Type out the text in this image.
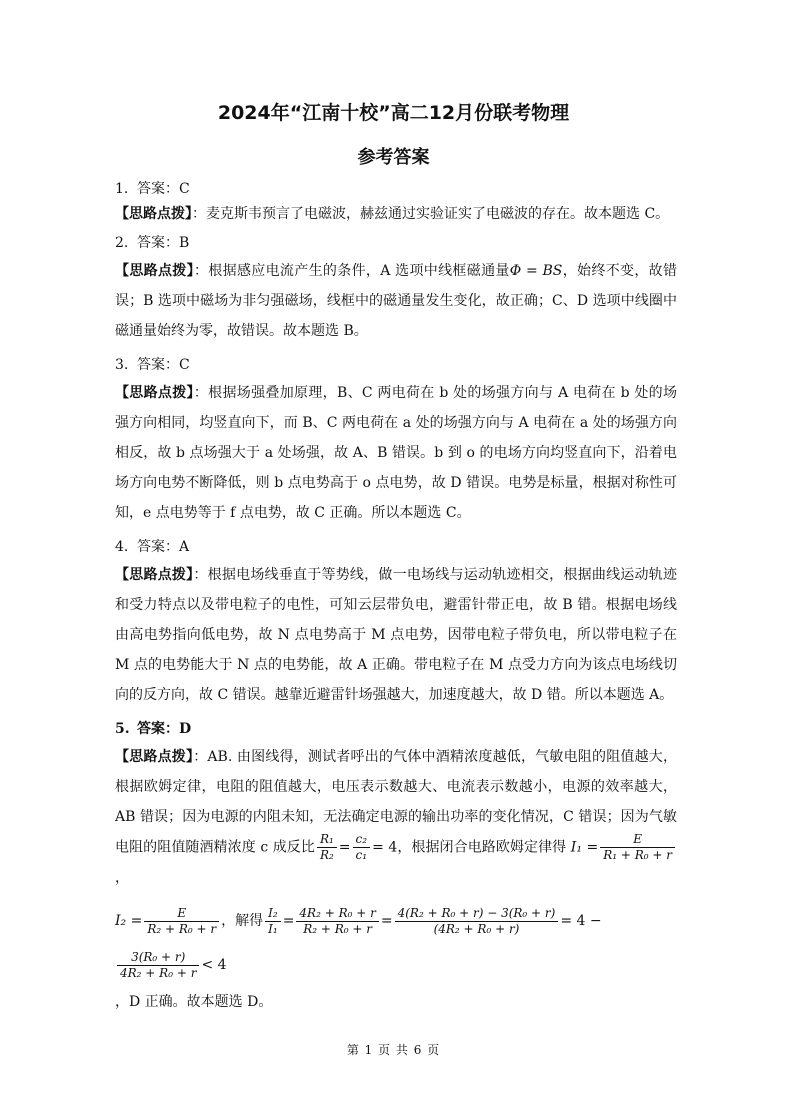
2024年“江南十校”高二12月份联考物理
参考答案
1. 答案：C
【思路点拨】：麦克斯韦预言了电磁波，赫兹通过实验证实了电磁波的存在。故本题选 C。
2. 答案：B
【思路点拨】：根据感应电流产生的条件，A 选项中线框磁通量Φ = BS，始终不变，故错误；B 选项中磁场为非匀强磁场，线框中的磁通量发生变化，故正确；C、D 选项中线圈中磁通量始终为零，故错误。故本题选 B。
3. 答案：C
【思路点拨】：根据场强叠加原理，B、C 两电荷在 b 处的场强方向与 A 电荷在 b 处的场强方向相同，均竖直向下，而 B、C 两电荷在 a 处的场强方向与 A 电荷在 a 处的场强方向相反，故 b 点场强大于 a 处场强，故 A、B 错误。b 到 o 的电场方向均竖直向下，沿着电场方向电势不断降低，则 b 点电势高于 o 点电势，故 D 错误。电势是标量，根据对称性可知，e 点电势等于 f 点电势，故 C 正确。所以本题选 C。
4. 答案：A
【思路点拨】：根据电场线垂直于等势线，做一电场线与运动轨迹相交，根据曲线运动轨迹和受力特点以及带电粒子的电性，可知云层带负电，避雷针带正电，故 B 错。根据电场线由高电势指向低电势，故 N 点电势高于 M 点电势，因带电粒子带负电，所以带电粒子在 M 点的电势能大于 N 点的电势能，故 A 正确。带电粒子在 M 点受力方向为该点电场线切向的反方向，故 C 错误。越靠近避雷针场强越大，加速度越大，故 D 错。所以本题选 A。
5. 答案：D
【思路点拨】：AB. 由图线得，测试者呼出的气体中酒精浓度越低，气敏电阻的阻值越大，根据欧姆定律，电阻的阻值越大，电压表示数越大、电流表示数越小，电源的效率越大，AB 错误；因为电源的内阻未知，无法确定电源的输出功率的变化情况，C 错误；因为气敏电阻的阻值随酒精浓度 c 成反比 $\frac{\text{R₁}}{\text{R₂}} = \frac{\text{c₂}}{\text{c₁}} = 4$，根据闭合电路欧姆定律得 $I_1 = \frac{E}{\text{R₁ + R₀ + r}}$
，
$I_2 = \frac{E}{\text{R₂ + R₀ + r}}$ ，解得 $\frac{\text{I₂}}{\text{I₁}} = \frac{\text{4R₂ + R₀ + r}}{\text{R₂ + R₀ + r}} = \frac{\text{4(R₂ + R₀ + r) − 3(R₀ + r)}}{\text{(4R₂ + R₀ + r)}} = 4$ −
$\frac{\text{3(R₀ + r)}}{\text{4R₂ + R₀ + r}} < 4$
，D 正确。故本题选 D。
第 1 页 共 6 页
